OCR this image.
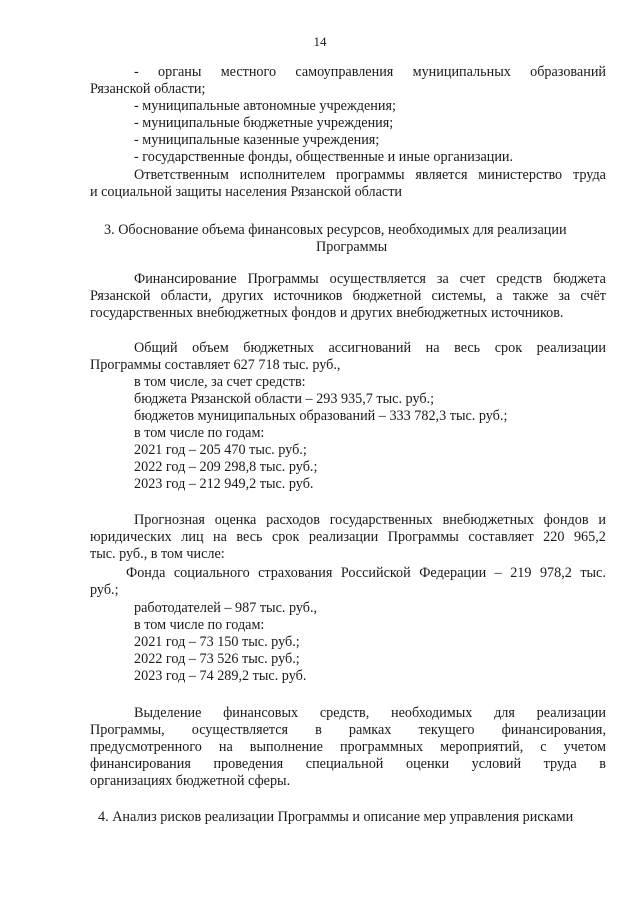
14
- органы местного самоуправления муниципальных образований
Рязанской области;
- муниципальные автономные учреждения;
- муниципальные бюджетные учреждения;
- муниципальные казенные учреждения;
- государственные фонды, общественные и иные организации.
Ответственным исполнителем программы является министерство труда
и социальной защиты населения Рязанской области
3. Обоснование объема финансовых ресурсов, необходимых для реализации
Программы
Финансирование Программы осуществляется за счет средств бюджета
Рязанской области, других источников бюджетной системы, а также за счёт
государственных внебюджетных фондов и других внебюджетных источников.
Общий объем бюджетных ассигнований на весь срок реализации
Программы составляет 627 718 тыс. руб.,
в том числе, за счет средств:
бюджета Рязанской области – 293 935,7 тыс. руб.;
бюджетов муниципальных образований – 333 782,3 тыс. руб.;
в том числе по годам:
2021 год – 205 470 тыс. руб.;
2022 год – 209 298,8 тыс. руб.;
2023 год – 212 949,2 тыс. руб.
Прогнозная оценка расходов государственных внебюджетных фондов и
юридических лиц на весь срок реализации Программы составляет 220 965,2
тыс. руб., в том числе:
Фонда социального страхования Российской Федерации – 219 978,2 тыс.
руб.;
работодателей – 987 тыс. руб.,
в том числе по годам:
2021 год – 73 150 тыс. руб.;
2022 год – 73 526 тыс. руб.;
2023 год – 74 289,2 тыс. руб.
Выделение финансовых средств, необходимых для реализации
Программы, осуществляется в рамках текущего финансирования,
предусмотренного на выполнение программных мероприятий, с учетом
финансирования проведения специальной оценки условий труда в
организациях бюджетной сферы.
4. Анализ рисков реализации Программы и описание мер управления рисками
